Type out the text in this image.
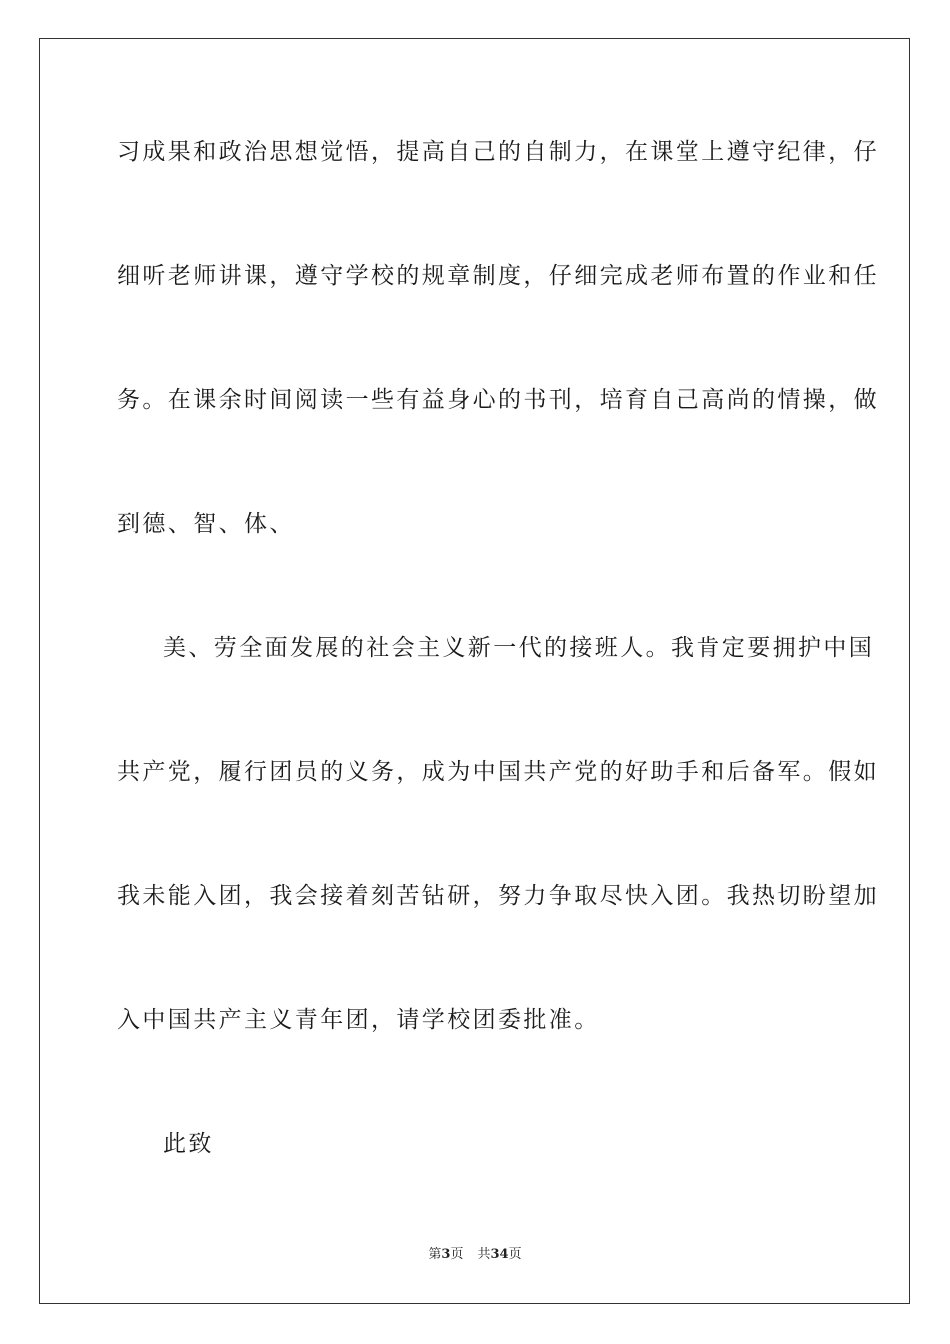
习成果和政治思想觉悟，提高自己的自制力，在课堂上遵守纪律，仔
细听老师讲课，遵守学校的规章制度，仔细完成老师布置的作业和任
务。在课余时间阅读一些有益身心的书刊，培育自己高尚的情操，做
到德、智、体、
美、劳全面发展的社会主义新一代的接班人。我肯定要拥护中国
共产党，履行团员的义务，成为中国共产党的好助手和后备军。假如
我未能入团，我会接着刻苦钻研，努力争取尽快入团。我热切盼望加
入中国共产主义青年团，请学校团委批准。
此致
第3页 共34页
